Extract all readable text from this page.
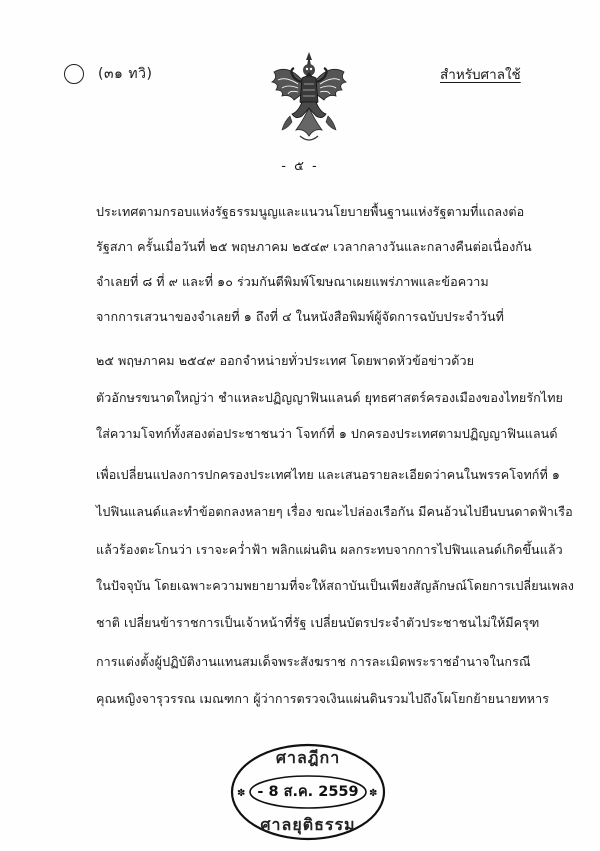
(๓๑ ทวิ)	สำหรับศาลใช้
- ๕ -
ประเทศตามกรอบแห่งรัฐธรรมนูญและแนวนโยบายพื้นฐานแห่งรัฐตามที่แถลงต่อ
รัฐสภา ครั้นเมื่อวันที่ ๒๕ พฤษภาคม ๒๕๔๙ เวลากลางวันและกลางคืนต่อเนื่องกัน
จำเลยที่ ๘ ที่ ๙ และที่ ๑๐ ร่วมกันตีพิมพ์โฆษณาเผยแพร่ภาพและข้อความ
จากการเสวนาของจำเลยที่ ๑ ถึงที่ ๔ ในหนังสือพิมพ์ผู้จัดการฉบับประจำวันที่
๒๕ พฤษภาคม ๒๕๔๙ ออกจำหน่ายทั่วประเทศ โดยพาดหัวข้อข่าวด้วย
ตัวอักษรขนาดใหญ่ว่า ชำแหละปฏิญญาฟินแลนด์ ยุทธศาสตร์ครองเมืองของไทยรักไทย
ใส่ความโจทก์ทั้งสองต่อประชาชนว่า โจทก์ที่ ๑ ปกครองประเทศตามปฏิญญาฟินแลนด์
เพื่อเปลี่ยนแปลงการปกครองประเทศไทย และเสนอรายละเอียดว่าคนในพรรคโจทก์ที่ ๑
ไปฟินแลนด์และทำข้อตกลงหลายๆ เรื่อง ขณะไปล่องเรือกัน มีคนอ้วนไปยืนบนดาดฟ้าเรือ
แล้วร้องตะโกนว่า เราจะคว่ำฟ้า พลิกแผ่นดิน ผลกระทบจากการไปฟินแลนด์เกิดขึ้นแล้ว
ในปัจจุบัน โดยเฉพาะความพยายามที่จะให้สถาบันเป็นเพียงสัญลักษณ์โดยการเปลี่ยนเพลง
ชาติ เปลี่ยนข้าราชการเป็นเจ้าหน้าที่รัฐ เปลี่ยนบัตรประจำตัวประชาชนไม่ให้มีครุฑ
การแต่งตั้งผู้ปฏิบัติงานแทนสมเด็จพระสังฆราช การละเมิดพระราชอำนาจในกรณี
คุณหญิงจารุวรรณ เมณฑกา ผู้ว่าการตรวจเงินแผ่นดินรวมไปถึงโผโยกย้ายนายทหาร
✽	✽
ศาลฎีกา
- 8 ส.ค. 2559
ศาลยุติธรรม
